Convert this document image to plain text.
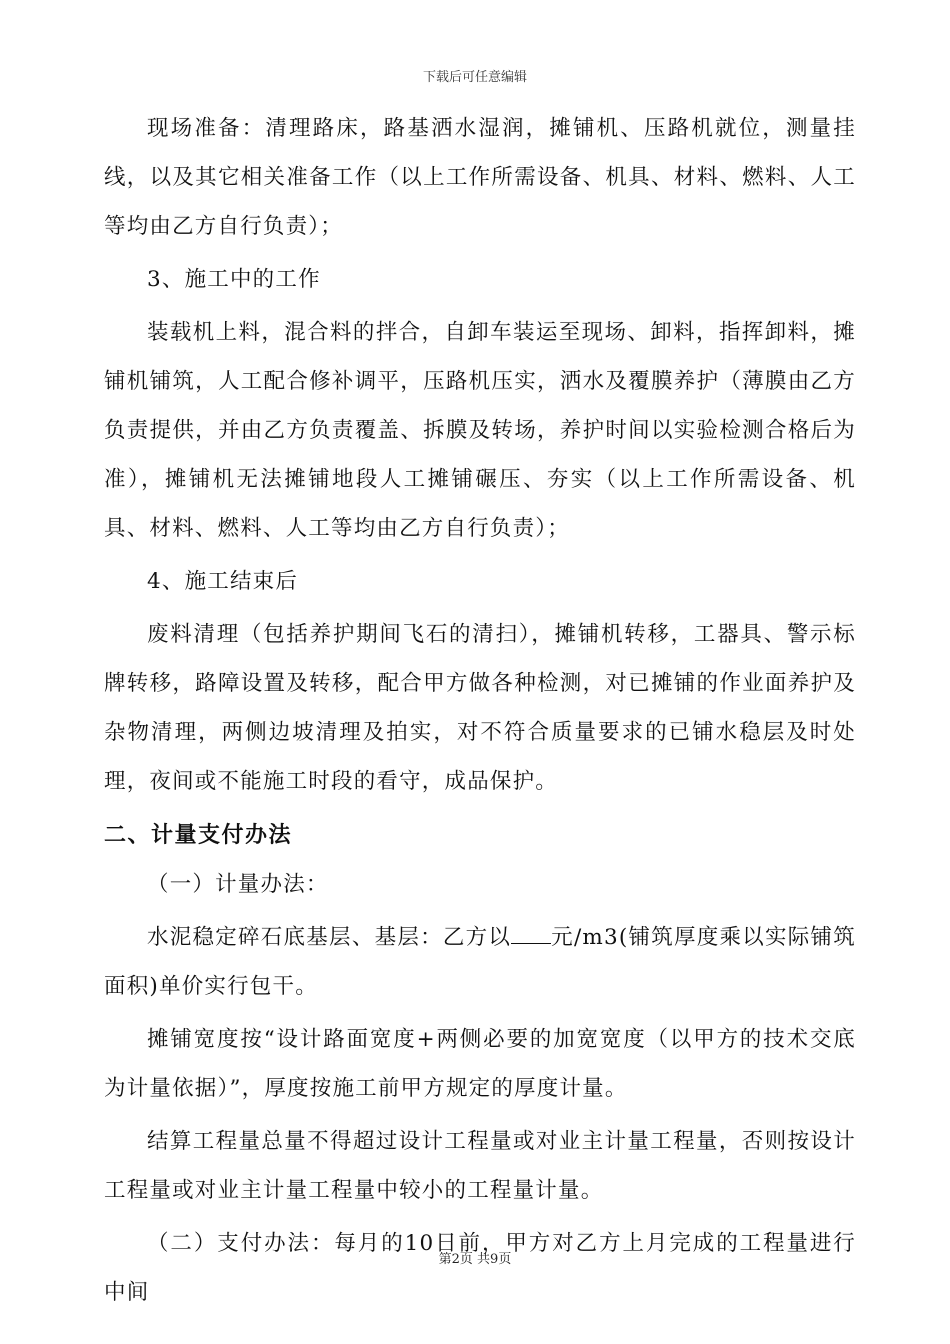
下载后可任意编辑

现场准备：清理路床，路基洒水湿润，摊铺机、压路机就位，测量挂线，以及其它相关准备工作（以上工作所需设备、机具、材料、燃料、人工等均由乙方自行负责）；

3、施工中的工作

装载机上料，混合料的拌合，自卸车装运至现场、卸料，指挥卸料，摊铺机铺筑，人工配合修补调平，压路机压实，洒水及覆膜养护（薄膜由乙方负责提供，并由乙方负责覆盖、拆膜及转场，养护时间以实验检测合格后为准），摊铺机无法摊铺地段人工摊铺碾压、夯实（以上工作所需设备、机具、材料、燃料、人工等均由乙方自行负责）；

4、施工结束后

废料清理（包括养护期间飞石的清扫），摊铺机转移，工器具、警示标牌转移，路障设置及转移，配合甲方做各种检测，对已摊铺的作业面养护及杂物清理，两侧边坡清理及拍实，对不符合质量要求的已铺水稳层及时处理，夜间或不能施工时段的看守，成品保护。

二、计量支付办法

（一）计量办法：

水泥稳定碎石底基层、基层：乙方以 元/m3(铺筑厚度乘以实际铺筑面积)单价实行包干。

摊铺宽度按“设计路面宽度+两侧必要的加宽宽度（以甲方的技术交底为计量依据）”，厚度按施工前甲方规定的厚度计量。

结算工程量总量不得超过设计工程量或对业主计量工程量，否则按设计工程量或对业主计量工程量中较小的工程量计量。

（二）支付办法：每月的10日前，甲方对乙方上月完成的工程量进行中间

第2页 共9页
